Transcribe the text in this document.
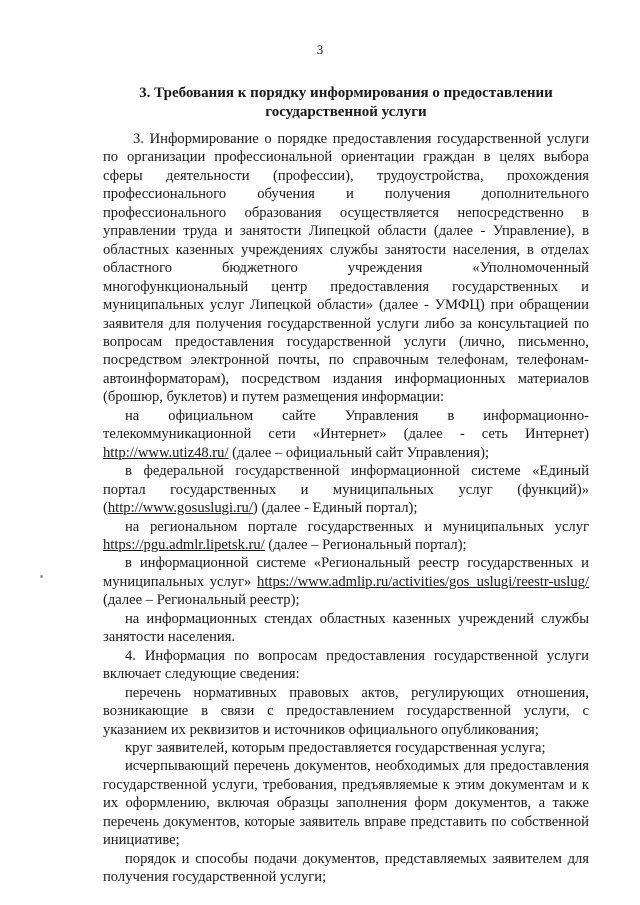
3
3. Требования к порядку информирования о предоставлении
государственной услуги

3. Информирование о порядке предоставления государственной услуги по организации профессиональной ориентации граждан в целях выбора сферы деятельности (профессии), трудоустройства, прохождения профессионального обучения и получения дополнительного профессионального образования осуществляется непосредственно в управлении труда и занятости Липецкой области (далее - Управление), в областных казенных учреждениях службы занятости населения, в отделах областного бюджетного учреждения «Уполномоченный многофункциональный центр предоставления государственных и муниципальных услуг Липецкой области» (далее - УМФЦ) при обращении заявителя для получения государственной услуги либо за консультацией по вопросам предоставления государственной услуги (лично, письменно, посредством электронной почты, по справочным телефонам, телефонам-автоинформаторам), посредством издания информационных материалов (брошюр, буклетов) и путем размещения информации:

на официальном сайте Управления в информационно-телекоммуникационной сети «Интернет» (далее - сеть Интернет) http://www.utiz48.ru/ (далее – официальный сайт Управления);

в федеральной государственной информационной системе «Единый портал государственных и муниципальных услуг (функций)» (http://www.gosuslugi.ru/) (далее - Единый портал);

на региональном портале государственных и муниципальных услуг https://pgu.admlr.lipetsk.ru/ (далее – Региональный портал);

в информационной системе «Региональный реестр государственных и муниципальных услуг» https://www.admlip.ru/activities/gos_uslugi/reestr-uslug/ (далее – Региональный реестр);

на информационных стендах областных казенных учреждений службы занятости населения.

4. Информация по вопросам предоставления государственной услуги включает следующие сведения:

перечень нормативных правовых актов, регулирующих отношения, возникающие в связи с предоставлением государственной услуги, с указанием их реквизитов и источников официального опубликования;

круг заявителей, которым предоставляется государственная услуга;

исчерпывающий перечень документов, необходимых для предоставления государственной услуги, требования, предъявляемые к этим документам и к их оформлению, включая образцы заполнения форм документов, а также перечень документов, которые заявитель вправе представить по собственной инициативе;

порядок и способы подачи документов, представляемых заявителем для получения государственной услуги;
